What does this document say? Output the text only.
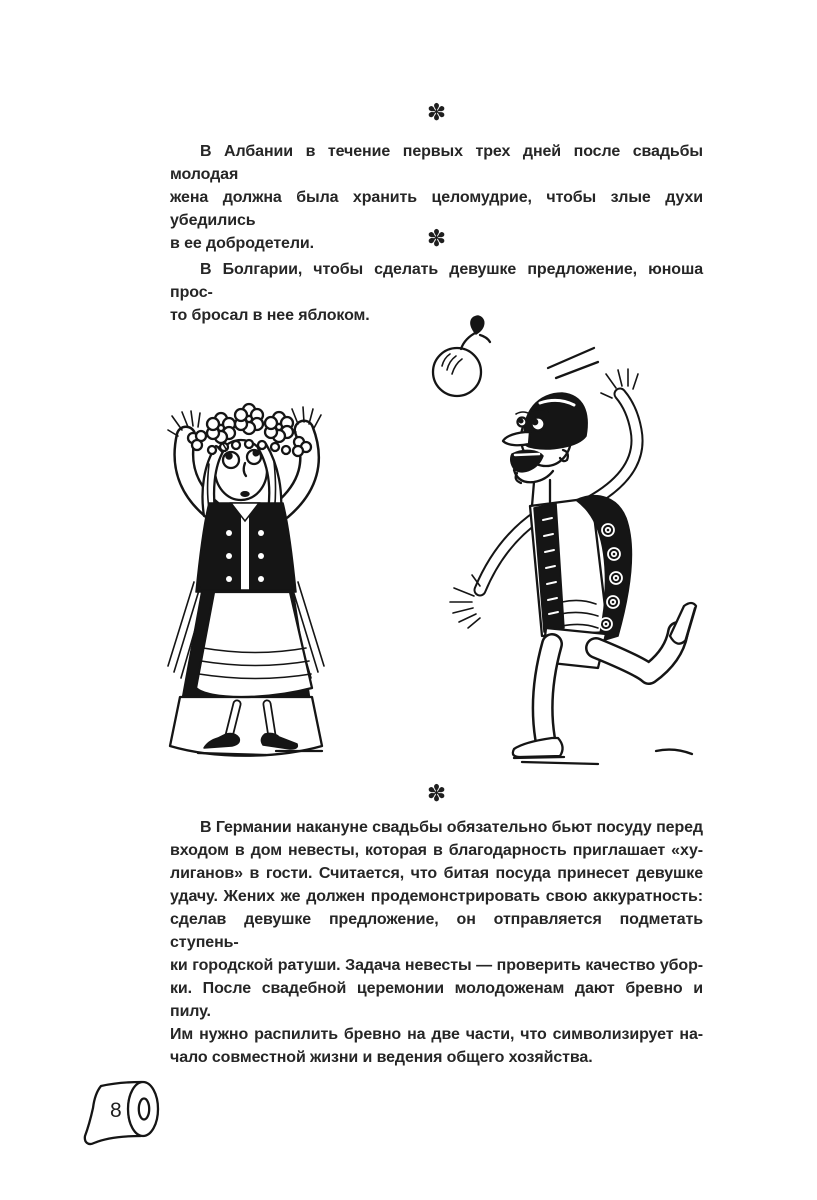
✽
В Албании в течение первых трех дней после свадьбы молодая
жена должна была хранить целомудрие, чтобы злые духи убедились
в ее добродетели.	✽
В Болгарии, чтобы сделать девушке предложение, юноша прос-
то бросал в нее яблоком.
✽
В Германии накануне свадьбы обязательно бьют посуду перед
входом в дом невесты, которая в благодарность приглашает «ху-
лиганов» в гости. Считается, что битая посуда принесет девушке
удачу. Жених же должен продемонстрировать свою аккуратность:
сделав девушке предложение, он отправляется подметать ступень-
ки городской ратуши. Задача невесты — проверить качество убор-
ки. После свадебной церемонии молодоженам дают бревно и пилу.
Им нужно распилить бревно на две части, что символизирует на-
чало совместной жизни и ведения общего хозяйства.
8
